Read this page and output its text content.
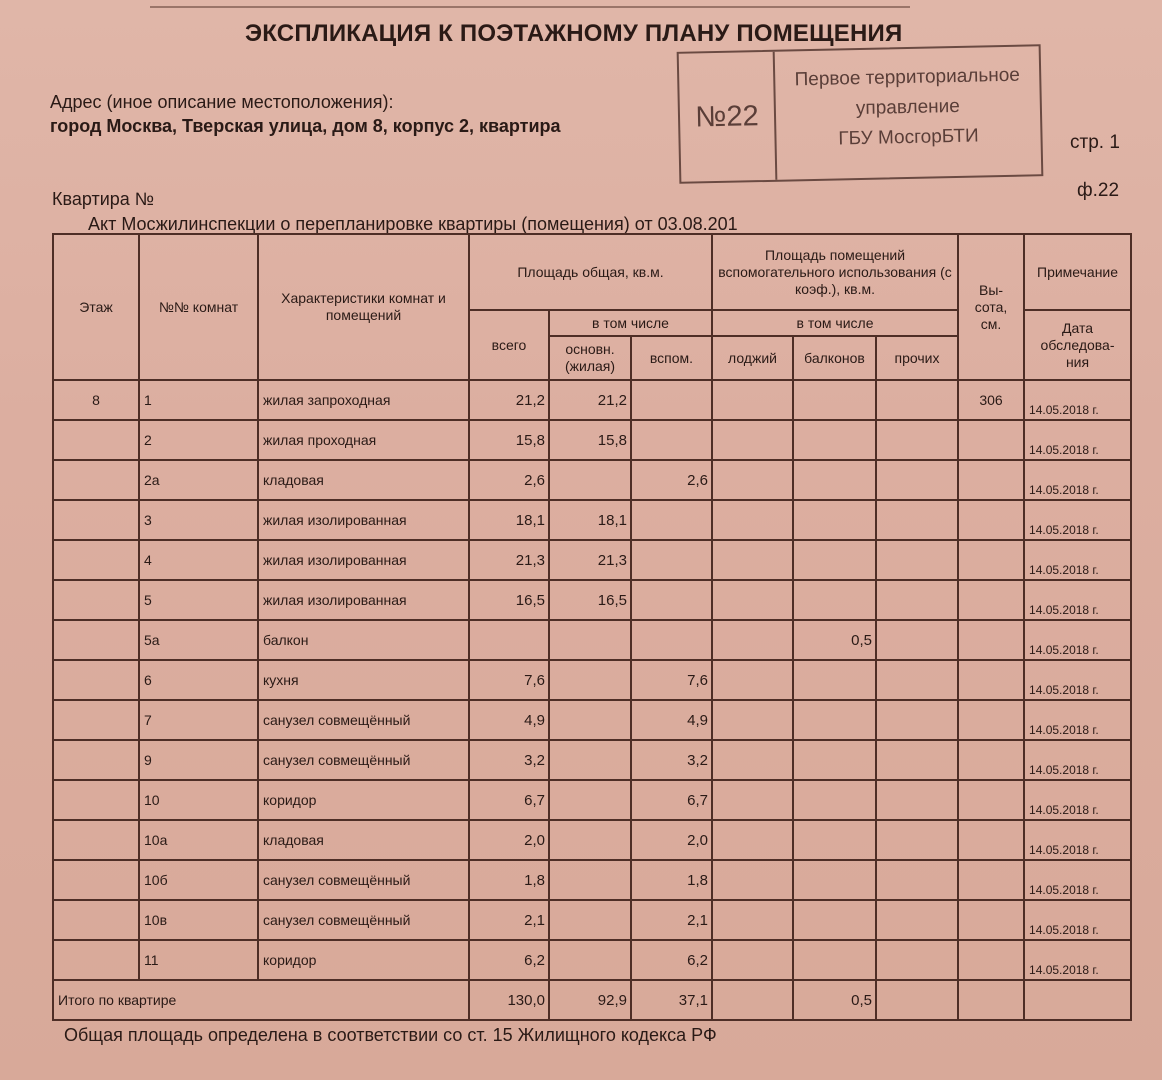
ЭКСПЛИКАЦИЯ К ПОЭТАЖНОМУ ПЛАНУ ПОМЕЩЕНИЯ
Адрес (иное описание местоположения):
город Москва, Тверская улица, дом 8, корпус 2, квартира	№22
Первое территориальное
управление
ГБУ МосгорБТИ	стр. 1
ф.22
Квартира №
Акт Мосжилинспекции о перепланировке квартиры (помещения) от 03.08.201
Этаж	№№ комнат	Характеристики комнат и помещений	Площадь общая, кв.м.			Площадь помещений вспомогательного использования (с коэф.), кв.м.			Вы-сота, см.	Примечание
			всего	в том числе		в том числе				Дата обследова-ния
				основн. (жилая)	вспом.	лоджий	балконов	прочих		
8	1	жилая запроходная	21,2	21,2					306	14.05.2018 г.
	2	жилая проходная	15,8	15,8						14.05.2018 г.
	2а	кладовая	2,6		2,6					14.05.2018 г.
	3	жилая изолированная	18,1	18,1						14.05.2018 г.
	4	жилая изолированная	21,3	21,3						14.05.2018 г.
	5	жилая изолированная	16,5	16,5						14.05.2018 г.
	5а	балкон					0,5			14.05.2018 г.
	6	кухня	7,6		7,6					14.05.2018 г.
	7	санузел совмещённый	4,9		4,9					14.05.2018 г.
	9	санузел совмещённый	3,2		3,2					14.05.2018 г.
	10	коридор	6,7		6,7					14.05.2018 г.
	10а	кладовая	2,0		2,0					14.05.2018 г.
	10б	санузел совмещённый	1,8		1,8					14.05.2018 г.
	10в	санузел совмещённый	2,1		2,1					14.05.2018 г.
	11	коридор	6,2		6,2					14.05.2018 г.
Итого по квартире			130,0	92,9	37,1		0,5			
Общая площадь определена в соответствии со ст. 15 Жилищного кодекса РФ
